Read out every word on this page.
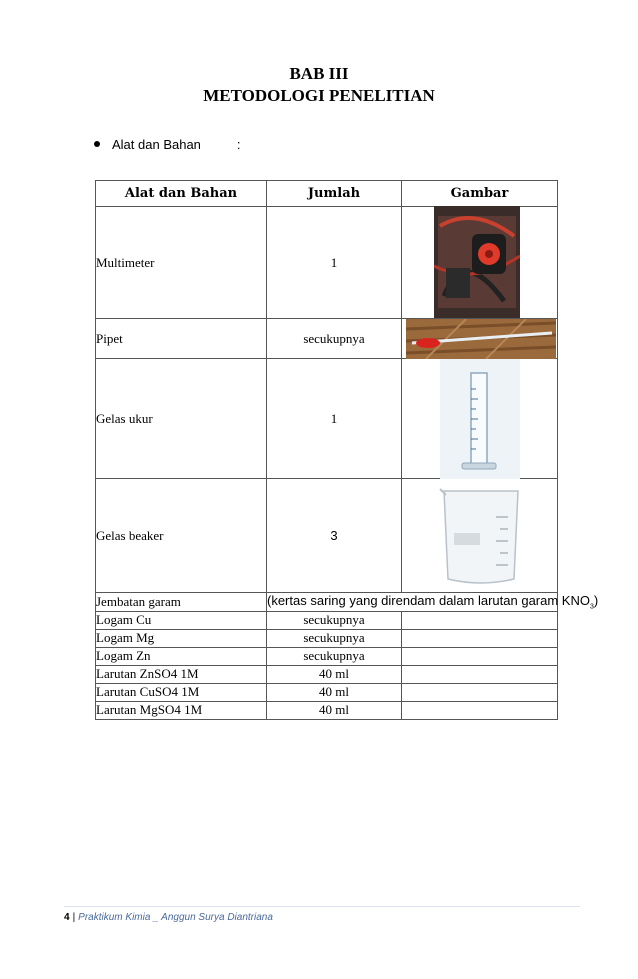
BAB III
METODOLOGI PENELITIAN
Alat dan Bahan	:
Alat dan Bahan	Jumlah	Gambar
Multimeter	1	

Pipet	secukupnya	

Gelas ukur	1	

Gelas beaker	3	

Jembatan garam	(kertas saring yang direndam dalam larutan garam $KNO_3$)	
Logam Cu	secukupnya	
Logam Mg	secukupnya	
Logam Zn	secukupnya	
Larutan ZnSO4 1M	40 ml	
Larutan CuSO4 1M	40 ml	
Larutan MgSO4 1M	40 ml	
4 | Praktikum Kimia _ Anggun Surya Diantriana
